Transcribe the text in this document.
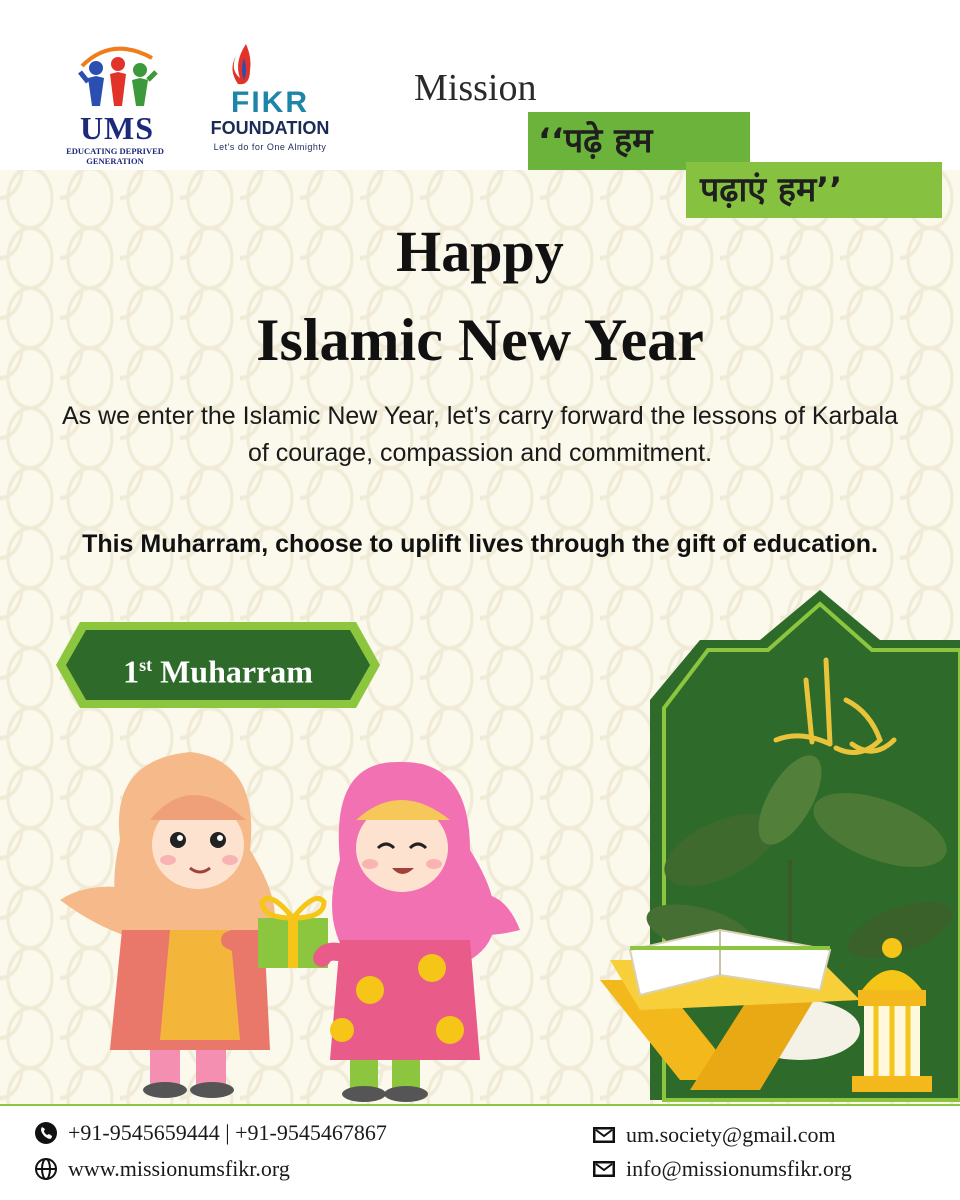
UMS
EDUCATING DEPRIVED GENERATION
FIKR
FOUNDATION
Let's do for One Almighty
Mission
‘‘पढ़े हम
पढ़ाएं हम’’
Happy
Islamic New Year
As we enter the Islamic New Year, let’s carry forward the lessons of Karbala of courage, compassion and commitment.
This Muharram, choose to uplift lives through the gift of education.
1st Muharram
+91-9545659444 | +91-9545467867
www.missionumsfikr.org
um.society@gmail.com
info@missionumsfikr.org
